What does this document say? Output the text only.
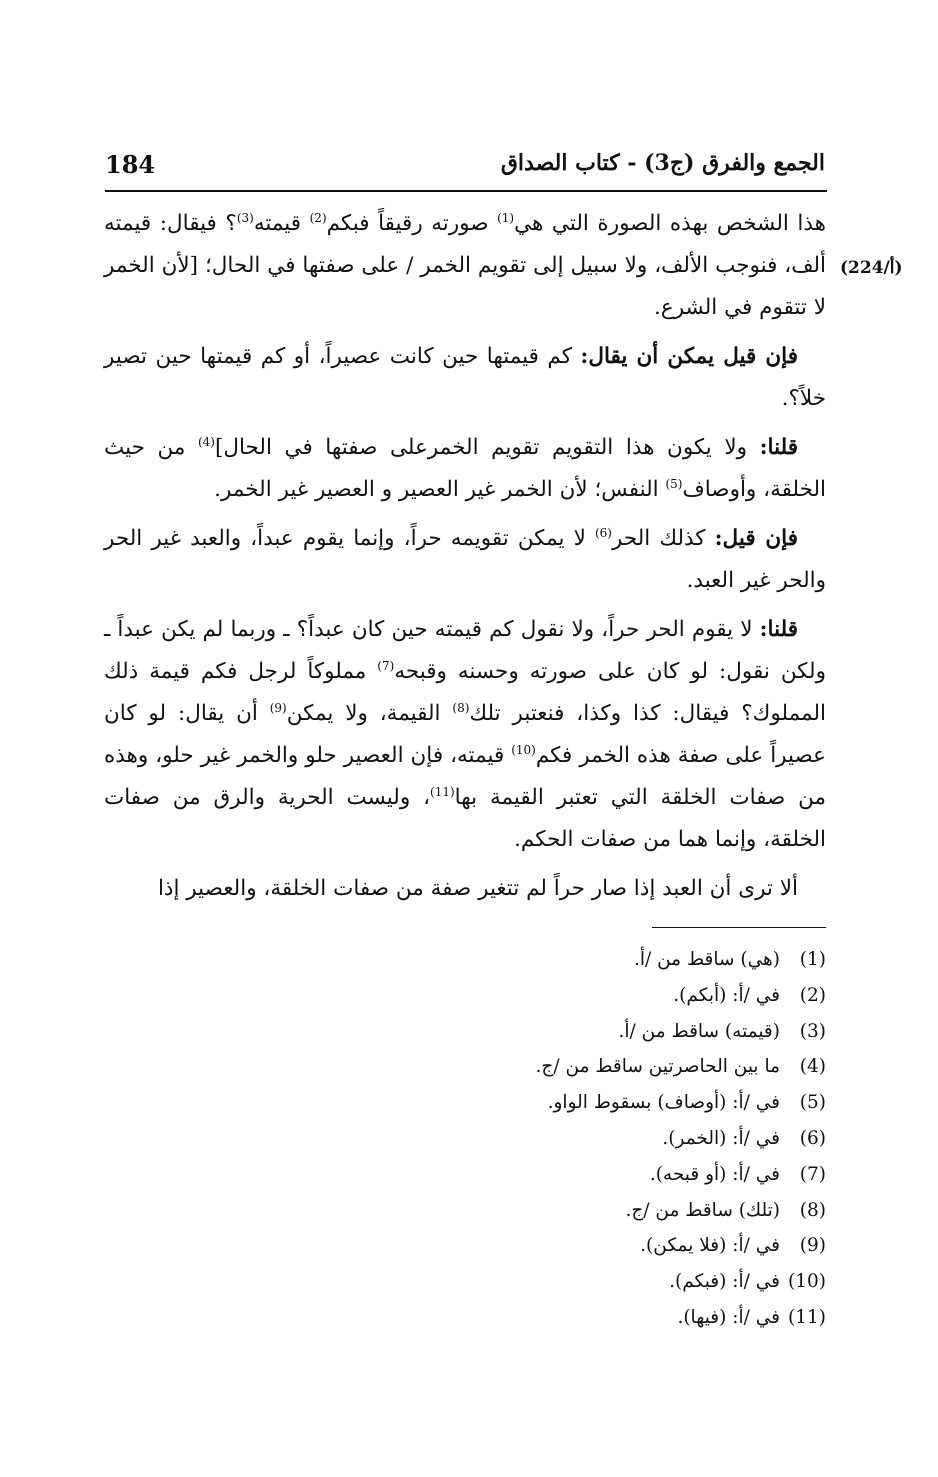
الجمع والفرق (ج3) - كتاب الصداق
184
(224/أ)

هذا الشخص بهذه الصورة التي هي$^{(1)}$ صورته رقيقاً فبكم$^{(2)}$ قيمته$^{(3)}$؟ فيقال: قيمته ألف، فنوجب الألف، ولا سبيل إلى تقويم الخمر / على صفتها في الحال؛ [لأن الخمر لا تتقوم في الشرع.

فإن قيل يمكن أن يقال: كم قيمتها حين كانت عصيراً، أو كم قيمتها حين تصير خلاً؟.

قلنا: ولا يكون هذا التقويم تقويم الخمرعلى صفتها في الحال]$^{(4)}$ من حيث الخلقة، وأوصاف$^{(5)}$ النفس؛ لأن الخمر غير العصير و العصير غير الخمر.

فإن قيل: كذلك الحر$^{(6)}$ لا يمكن تقويمه حراً، وإنما يقوم عبداً، والعبد غير الحر والحر غير العبد.

قلنا: لا يقوم الحر حراً، ولا نقول كم قيمته حين كان عبداً؟ ـ وربما لم يكن عبداً ـ ولكن نقول: لو كان على صورته وحسنه وقبحه$^{(7)}$ مملوكاً لرجل فكم قيمة ذلك المملوك؟ فيقال: كذا وكذا، فنعتبر تلك$^{(8)}$ القيمة، ولا يمكن$^{(9)}$ أن يقال: لو كان عصيراً على صفة هذه الخمر فكم$^{(10)}$ قيمته، فإن العصير حلو والخمر غير حلو، وهذه من صفات الخلقة التي تعتبر القيمة بها$^{(11)}$، وليست الحرية والرق من صفات الخلقة، وإنما هما من صفات الحكم.

ألا ترى أن العبد إذا صار حراً لم تتغير صفة من صفات الخلقة، والعصير إذا

(1)
(هي) ساقط من /أ.
(2)
في /أ: (أبكم).
(3)
(قيمته) ساقط من /أ.
(4)
ما بين الحاصرتين ساقط من /ج.
(5)
في /أ: (أوصاف) بسقوط الواو.
(6)
في /أ: (الخمر).
(7)
في /أ: (أو قبحه).
(8)
(تلك) ساقط من /ج.
(9)
في /أ: (فلا يمكن).
(10)
في /أ: (فبكم).
(11)
في /أ: (فيها).
